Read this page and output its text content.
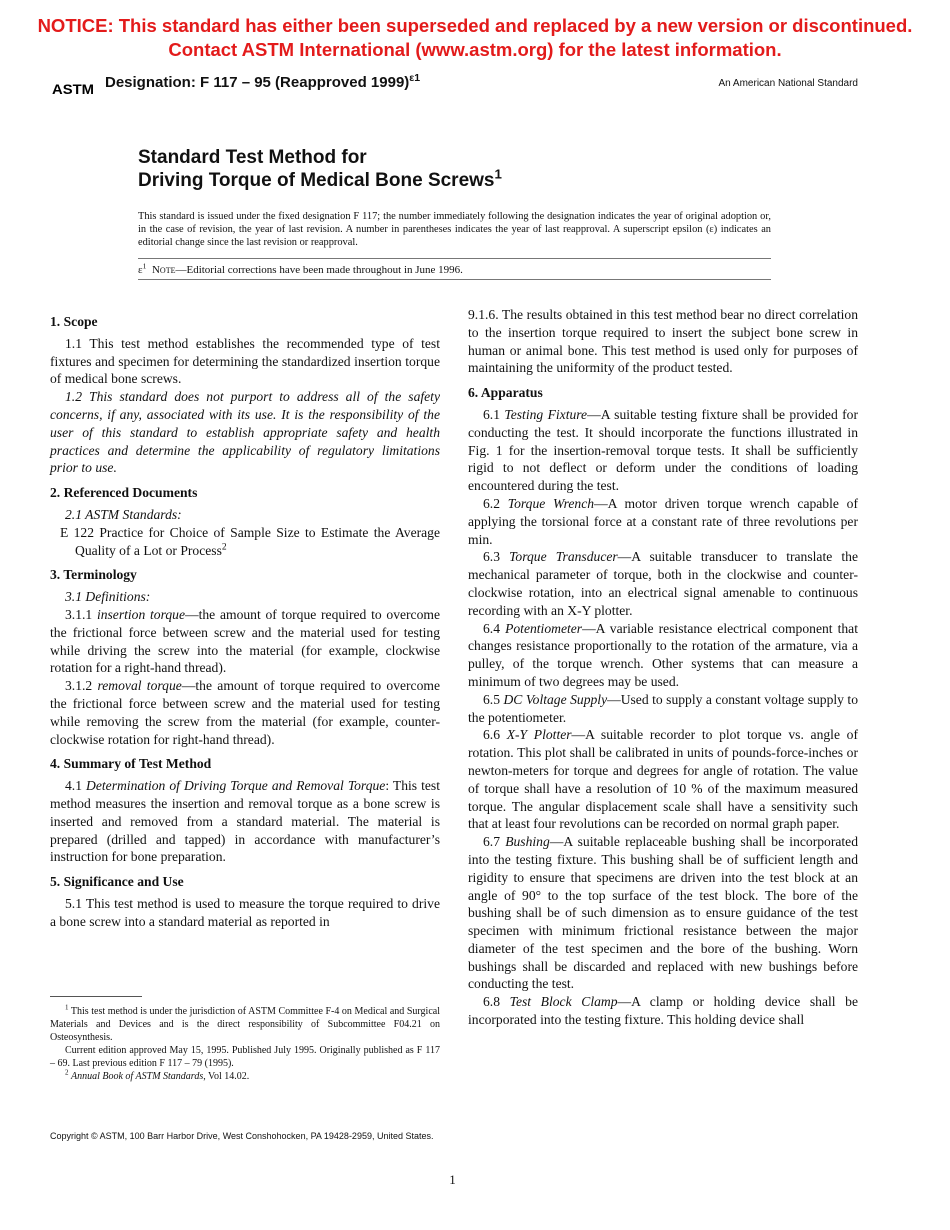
NOTICE: This standard has either been superseded and replaced by a new version or discontinued.
Contact ASTM International (www.astm.org) for the latest information.
ASTM Designation: F 117 – 95 (Reapproved 1999)$^{\varepsilon 1}$	An American National Standard
Standard Test Method for
Driving Torque of Medical Bone Screws$^1$
This standard is issued under the fixed designation F 117; the number immediately following the designation indicates the year of original adoption or, in the case of revision, the year of last revision. A number in parentheses indicates the year of last reapproval. A superscript epsilon (ε) indicates an editorial change since the last revision or reapproval.
$\varepsilon^1$ Note—Editorial corrections have been made throughout in June 1996.
1. Scope

1.1 This test method establishes the recommended type of test fixtures and specimen for determining the standardized insertion torque of medical bone screws.

1.2 This standard does not purport to address all of the safety concerns, if any, associated with its use. It is the responsibility of the user of this standard to establish appropriate safety and health practices and determine the applicability of regulatory limitations prior to use.

2. Referenced Documents

2.1 ASTM Standards:

E 122 Practice for Choice of Sample Size to Estimate the Average Quality of a Lot or Process$^2$

3. Terminology

3.1 Definitions:

3.1.1 insertion torque—the amount of torque required to overcome the frictional force between screw and the material used for testing while driving the screw into the material (for example, clockwise rotation for a right-hand thread).

3.1.2 removal torque—the amount of torque required to overcome the frictional force between screw and the material used for testing while removing the screw from the material (for example, counter-clockwise rotation for right-hand thread).

4. Summary of Test Method

4.1 Determination of Driving Torque and Removal Torque: This test method measures the insertion and removal torque as a bone screw is inserted and removed from a standard material. The material is prepared (drilled and tapped) in accordance with manufacturer’s instruction for bone preparation.

5. Significance and Use

5.1 This test method is used to measure the torque required to drive a bone screw into a standard material as reported in

$^1$ This test method is under the jurisdiction of ASTM Committee F-4 on Medical and Surgical Materials and Devices and is the direct responsibility of Subcommittee F04.21 on Osteosynthesis.

Current edition approved May 15, 1995. Published July 1995. Originally published as F 117 – 69. Last previous edition F 117 – 79 (1995).

$^2$ Annual Book of ASTM Standards, Vol 14.02.

9.1.6. The results obtained in this test method bear no direct correlation to the insertion torque required to insert the subject bone screw in human or animal bone. This test method is used only for purposes of maintaining the uniformity of the product tested.

6. Apparatus

6.1 Testing Fixture—A suitable testing fixture shall be provided for conducting the test. It should incorporate the functions illustrated in Fig. 1 for the insertion-removal torque tests. It shall be sufficiently rigid to not deflect or deform under the conditions of loading encountered during the test.

6.2 Torque Wrench—A motor driven torque wrench capable of applying the torsional force at a constant rate of three revolutions per min.

6.3 Torque Transducer—A suitable transducer to translate the mechanical parameter of torque, both in the clockwise and counter-clockwise rotation, into an electrical signal amenable to continuous recording with an X-Y plotter.

6.4 Potentiometer—A variable resistance electrical component that changes resistance proportionally to the rotation of the armature, via a pulley, of the torque wrench. Other systems that can measure a minimum of two degrees may be used.

6.5 DC Voltage Supply—Used to supply a constant voltage supply to the potentiometer.

6.6 X-Y Plotter—A suitable recorder to plot torque vs. angle of rotation. This plot shall be calibrated in units of pounds-force-inches or newton-meters for torque and degrees for angle of rotation. The value of torque shall have a resolution of 10 % of the maximum measured torque. The angular displacement scale shall have a sensitivity such that at least four revolutions can be recorded on normal graph paper.

6.7 Bushing—A suitable replaceable bushing shall be incorporated into the testing fixture. This bushing shall be of sufficient length and rigidity to ensure that specimens are driven into the test block at an angle of 90° to the top surface of the test block. The bore of the bushing shall be of such dimension as to ensure guidance of the test specimen with minimum frictional resistance between the major diameter of the test specimen and the bore of the bushing. Worn bushings shall be discarded and replaced with new bushings before conducting the test.

6.8 Test Block Clamp—A clamp or holding device shall be incorporated into the testing fixture. This holding device shall

Copyright © ASTM, 100 Barr Harbor Drive, West Conshohocken, PA 19428-2959, United States.
1
